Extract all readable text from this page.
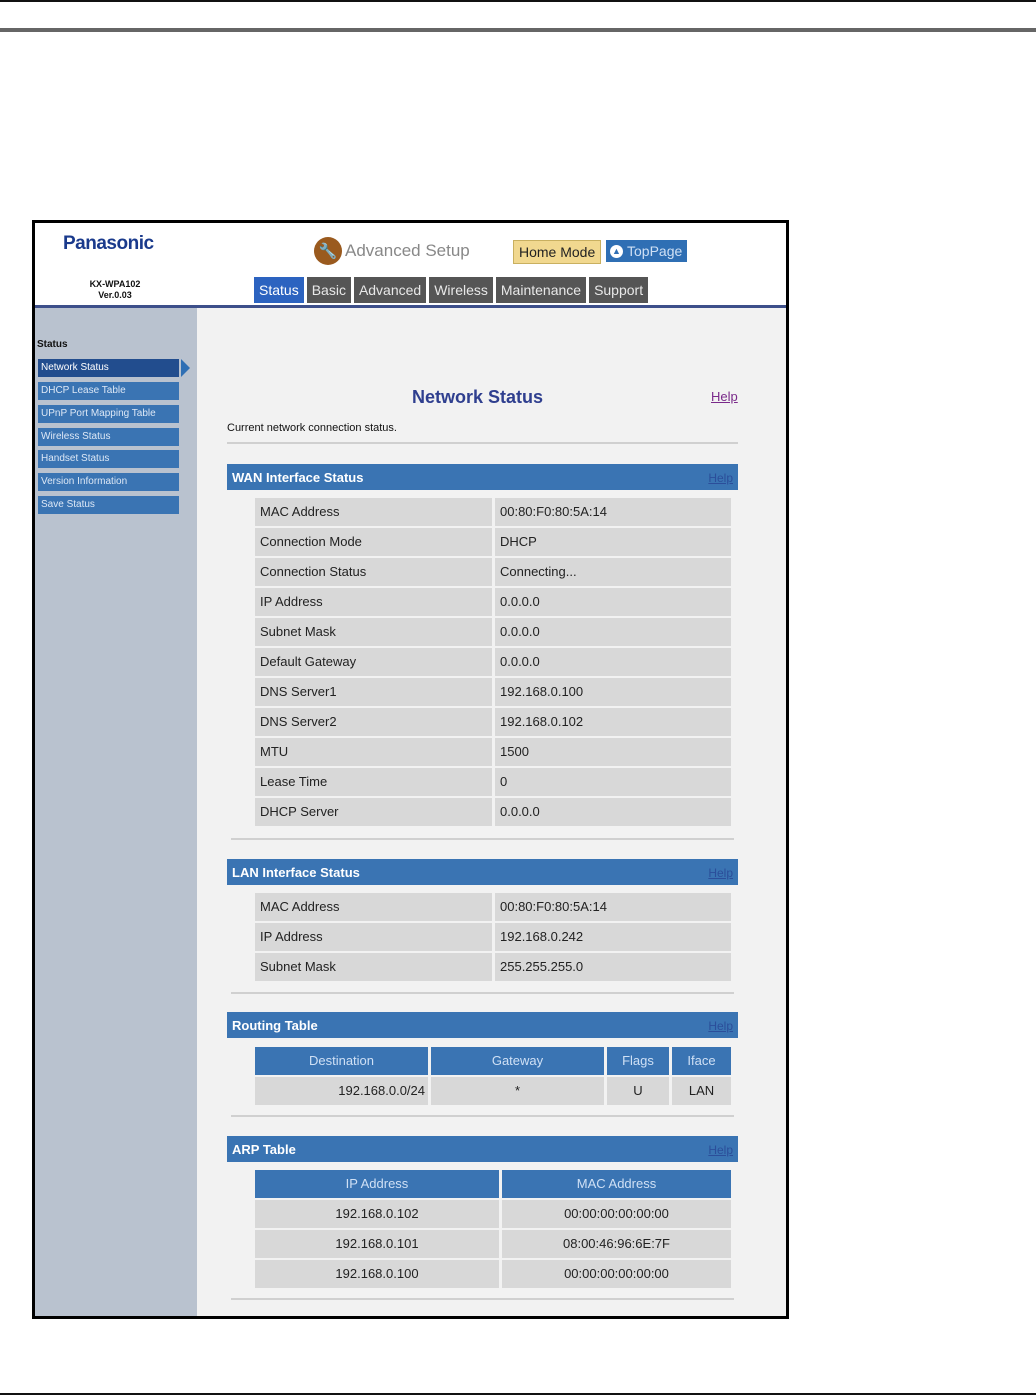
Panasonic
KX-WPA102
Ver.0.03
🔧 Advanced Setup	Home Mode	▲ TopPage
Status Basic Advanced Wireless Maintenance Support
Status
Network Status
DHCP Lease Table
UPnP Port Mapping Table
Wireless Status
Handset Status
Version Information
Save Status
Network Status	Help
Current network connection status.
WAN Interface Status	Help
MAC Address	00:80:F0:80:5A:14
Connection Mode	DHCP
Connection Status	Connecting...
IP Address	0.0.0.0
Subnet Mask	0.0.0.0
Default Gateway	0.0.0.0
DNS Server1	192.168.0.100
DNS Server2	192.168.0.102
MTU	1500
Lease Time	0
DHCP Server	0.0.0.0
LAN Interface Status	Help
MAC Address	00:80:F0:80:5A:14
IP Address	192.168.0.242
Subnet Mask	255.255.255.0
Routing Table	Help
Destination	Gateway	Flags	Iface
192.168.0.0/24	*	U	LAN
ARP Table	Help
IP Address	MAC Address
192.168.0.102	00:00:00:00:00:00
192.168.0.101	08:00:46:96:6E:7F
192.168.0.100	00:00:00:00:00:00
